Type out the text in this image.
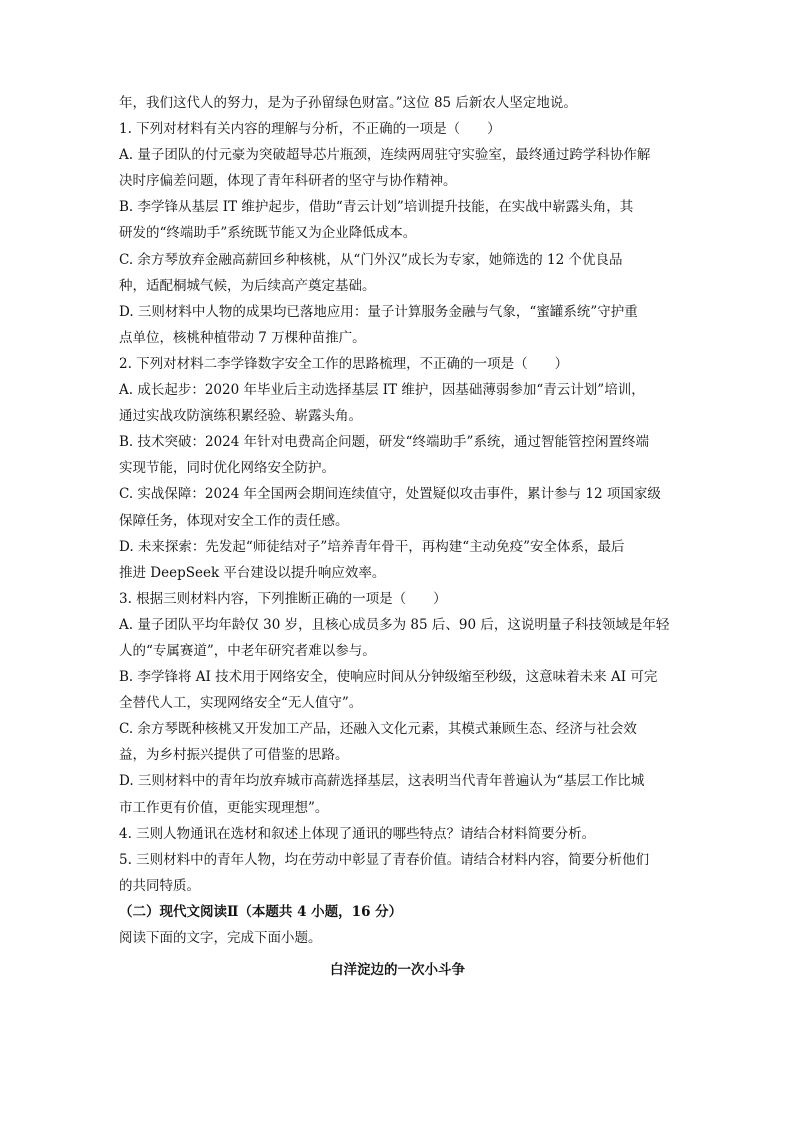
年，我们这代人的努力，是为子孙留绿色财富。”这位 85 后新农人坚定地说。

1. 下列对材料有关内容的理解与分析，不正确的一项是（　　）

A. 量子团队的付元豪为突破超导芯片瓶颈，连续两周驻守实验室，最终通过跨学科协作解

决时序偏差问题，体现了青年科研者的坚守与协作精神。

B. 李学锋从基层 IT 维护起步，借助“青云计划”培训提升技能，在实战中崭露头角，其

研发的“终端助手”系统既节能又为企业降低成本。

C. 余方琴放弃金融高薪回乡种核桃，从“门外汉”成长为专家，她筛选的 12 个优良品

种，适配桐城气候，为后续高产奠定基础。

D. 三则材料中人物的成果均已落地应用：量子计算服务金融与气象，“蜜罐系统”守护重

点单位，核桃种植带动 7 万棵种苗推广。

2. 下列对材料二李学锋数字安全工作的思路梳理，不正确的一项是（　　）

A. 成长起步：2020 年毕业后主动选择基层 IT 维护，因基础薄弱参加“青云计划”培训，

通过实战攻防演练积累经验、崭露头角。

B. 技术突破：2024 年针对电费高企问题，研发“终端助手”系统，通过智能管控闲置终端

实现节能，同时优化网络安全防护。

C. 实战保障：2024 年全国两会期间连续值守，处置疑似攻击事件，累计参与 12 项国家级

保障任务，体现对安全工作的责任感。

D. 未来探索：先发起“师徒结对子”培养青年骨干，再构建“主动免疫”安全体系，最后

推进 DeepSeek 平台建设以提升响应效率。

3. 根据三则材料内容，下列推断正确的一项是（　　）

A. 量子团队平均年龄仅 30 岁，且核心成员多为 85 后、90 后，这说明量子科技领域是年轻

人的“专属赛道”，中老年研究者难以参与。

B. 李学锋将 AI 技术用于网络安全，使响应时间从分钟级缩至秒级，这意味着未来 AI 可完

全替代人工，实现网络安全“无人值守”。

C. 余方琴既种核桃又开发加工产品，还融入文化元素，其模式兼顾生态、经济与社会效

益，为乡村振兴提供了可借鉴的思路。

D. 三则材料中的青年均放弃城市高薪选择基层，这表明当代青年普遍认为“基层工作比城

市工作更有价值，更能实现理想”。

4. 三则人物通讯在选材和叙述上体现了通讯的哪些特点？请结合材料简要分析。

5. 三则材料中的青年人物，均在劳动中彰显了青春价值。请结合材料内容，简要分析他们

的共同特质。

（二）现代文阅读Ⅱ（本题共 4 小题，16 分）

阅读下面的文字，完成下面小题。

白洋淀边的一次小斗争
